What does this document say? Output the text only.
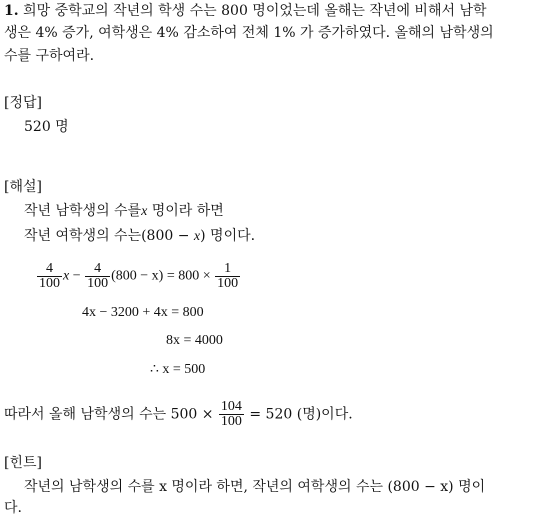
1. 희망 중학교의 작년의 학생 수는 800 명이었는데 올해는 작년에 비해서 남학
생은 4% 증가, 여학생은 4% 감소하여 전체 1% 가 증가하였다. 올해의 남학생의
수를 구하여라.
[정답]
520 명
[해설]
작년 남학생의 수를x 명이라 하면
작년 여학생의 수는(800 − x) 명이다.
$\frac{4}{100}$ $x - \frac{4}{100} (800 - x) = 800 \times \frac{1}{100}$
4x − 3200 + 4x = 800
8x = 4000
∴ x = 500
따라서 올해 남학생의 수는 $500 \times \frac{104}{100} = 520$ (명)이다.
[힌트]
작년의 남학생의 수를 x 명이라 하면, 작년의 여학생의 수는 (800 − x) 명이
다.
